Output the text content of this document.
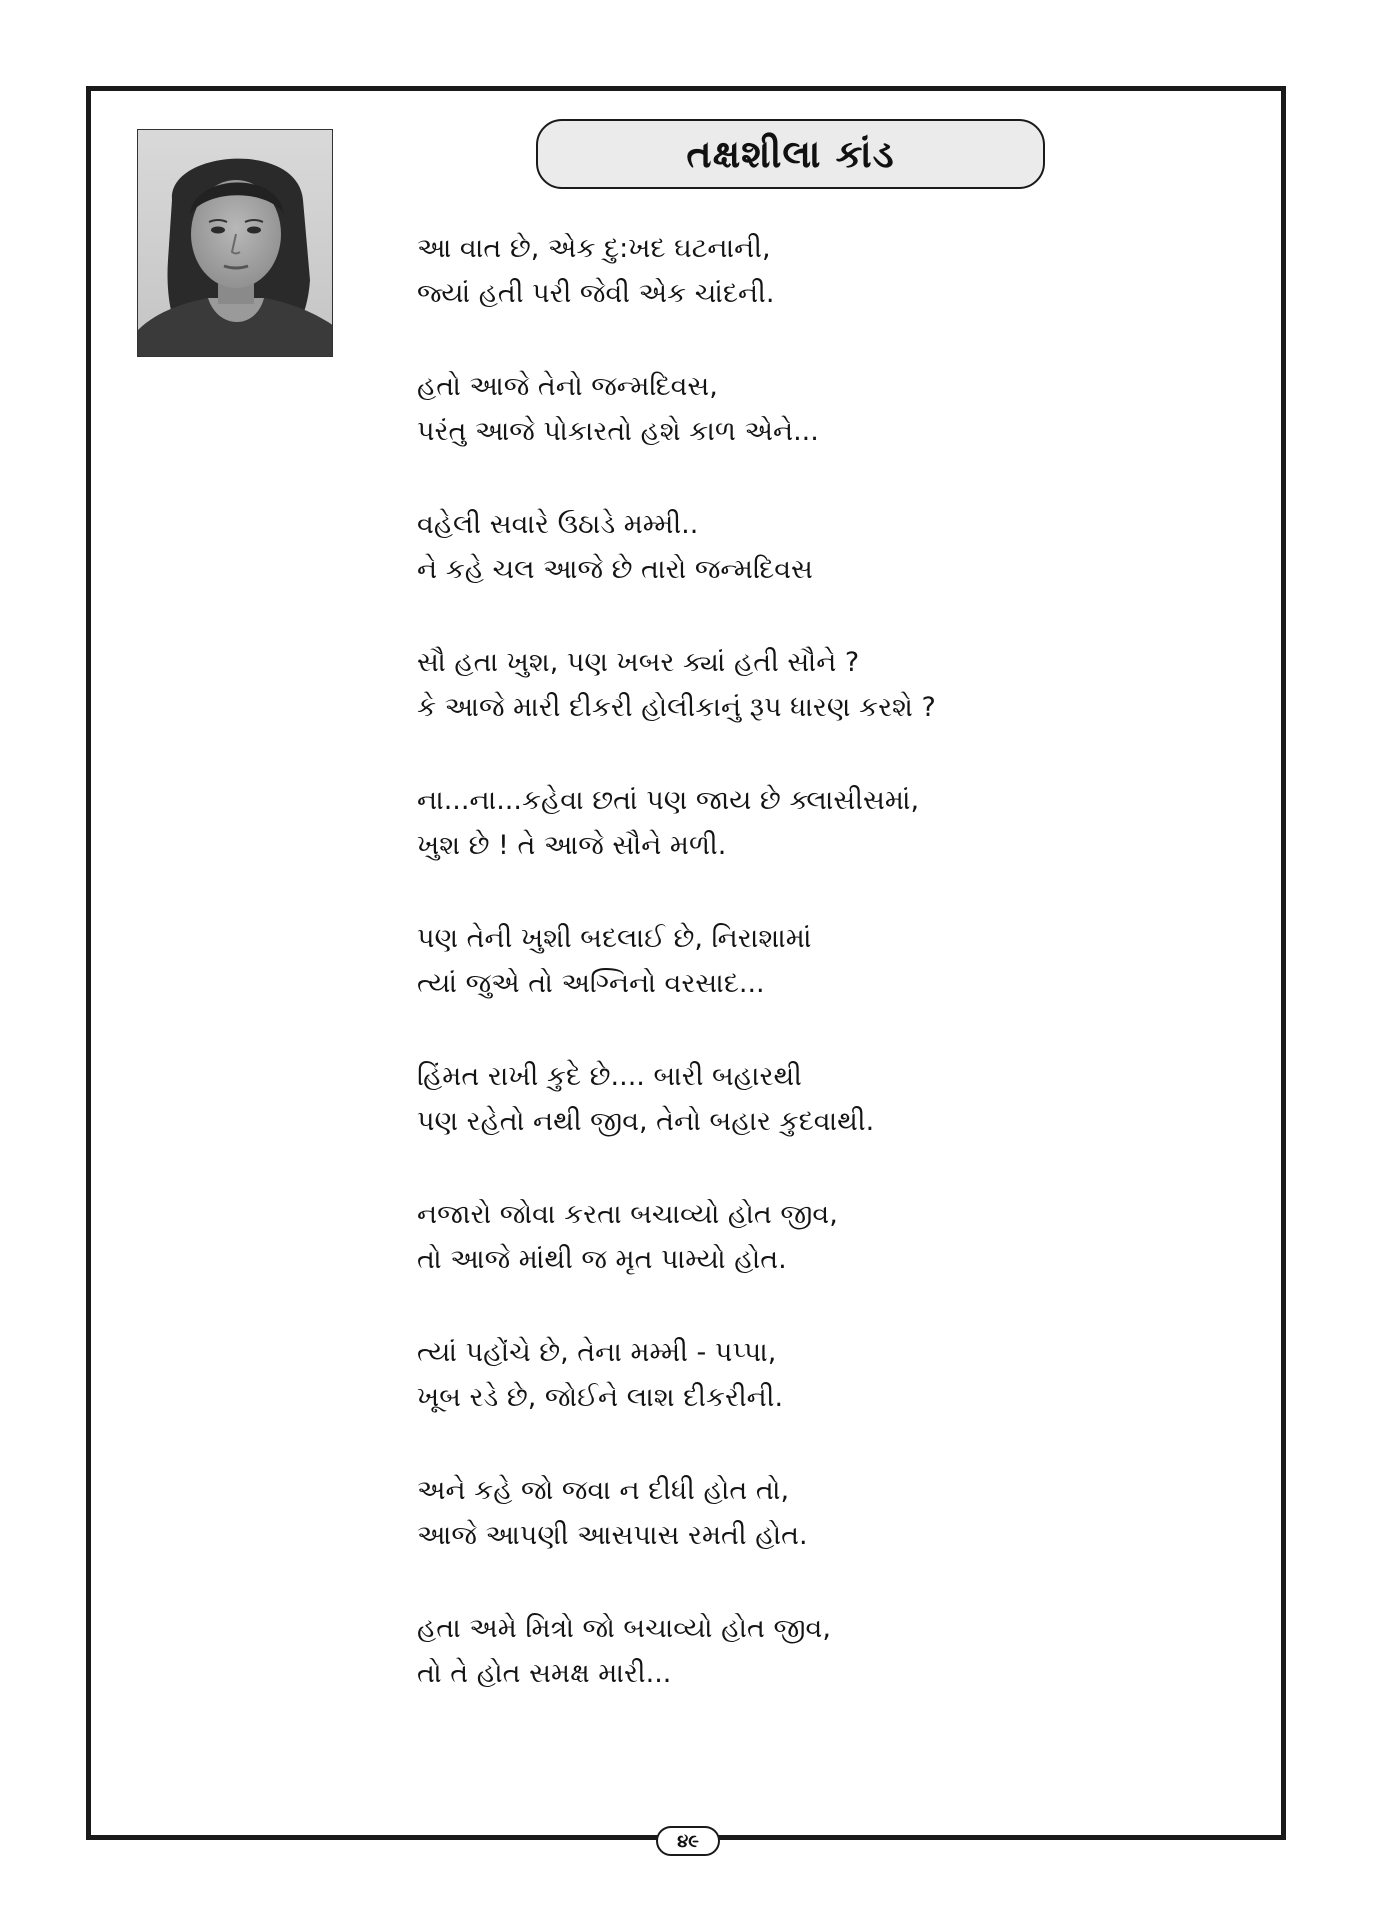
તક્ષશીલા કાંડ
આ વાત છે, એક દુ:ખદ ઘટનાની,
જ્યાં હતી પરી જેવી એક ચાંદની.
હતો આજે તેનો જન્મદિવસ,
પરંતુ આજે પોકારતો હશે કાળ એને...
વહેલી સવારે ઉઠાડે મમ્મી..
ને કહે ચલ આજે છે તારો જન્મદિવસ
સૌ હતા ખુશ, પણ ખબર ક્યાં હતી સૌને ?
કે આજે મારી દીકરી હોલીકાનું રૂપ ધારણ કરશે ?
ના...ના...કહેવા છતાં પણ જાય છે ક્લાસીસમાં,
ખુશ છે ! તે આજે સૌને મળી.
પણ તેની ખુશી બદલાઈ છે, નિરાશામાં
ત્યાં જુએ તો અગ્નિનો વરસાદ...
હિંમત રાખી કુદે છે.... બારી બહારથી
પણ રહેતો નથી જીવ, તેનો બહાર કુદવાથી.
નજારો જોવા કરતા બચાવ્યો હોત જીવ,
તો આજે માંથી જ મૃત પામ્યો હોત.
ત્યાં પહોંચે છે, તેના મમ્મી - પપ્પા,
ખૂબ રડે છે, જોઈને લાશ દીકરીની.
અને કહે જો જવા ન દીધી હોત તો,
આજે આપણી આસપાસ રમતી હોત.
હતા અમે મિત્રો જો બચાવ્યો હોત જીવ,
તો તે હોત સમક્ષ મારી...
૪૯
